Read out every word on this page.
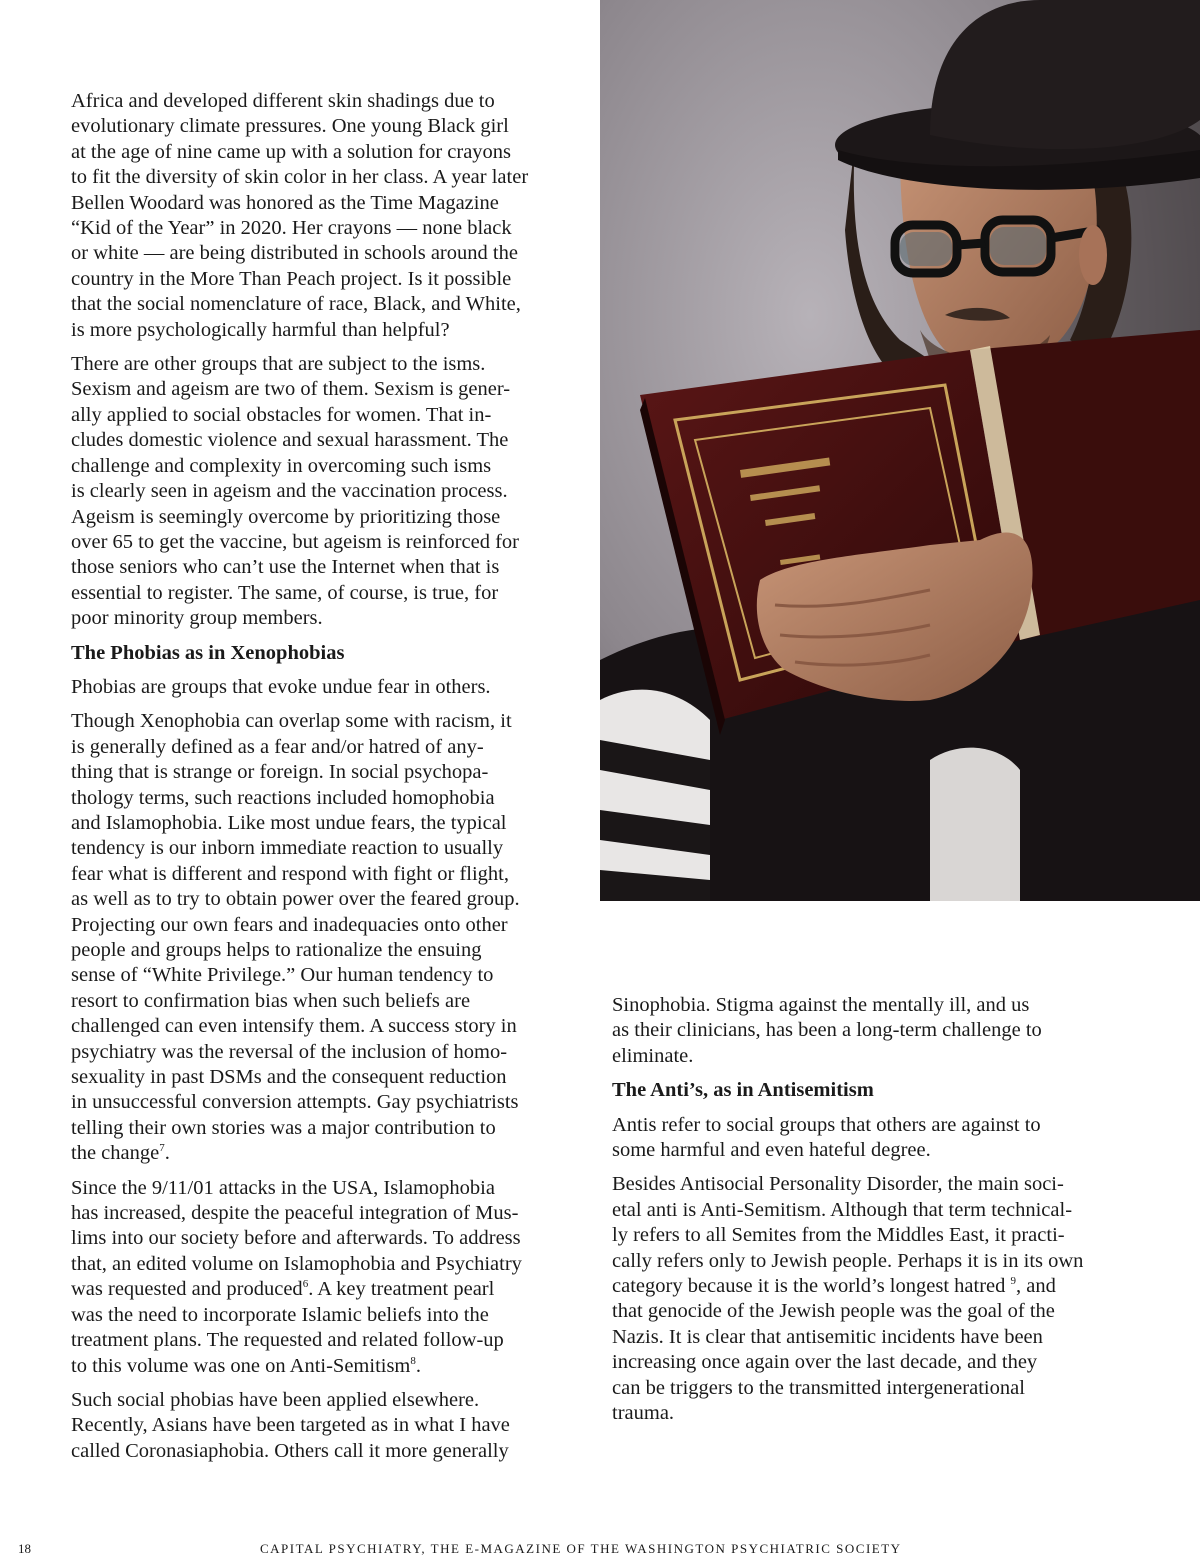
Africa and developed different skin shadings due to
evolutionary climate pressures. One young Black girl
at the age of nine came up with a solution for crayons
to fit the diversity of skin color in her class. A year later
Bellen Woodard was honored as the Time Magazine
“Kid of the Year” in 2020. Her crayons — none black
or white — are being distributed in schools around the
country in the More Than Peach project. Is it possible
that the social nomenclature of race, Black, and White,
is more psychologically harmful than helpful?

There are other groups that are subject to the isms.
Sexism and ageism are two of them. Sexism is gener-
ally applied to social obstacles for women. That in-
cludes domestic violence and sexual harassment. The
challenge and complexity in overcoming such isms
is clearly seen in ageism and the vaccination process.
Ageism is seemingly overcome by prioritizing those
over 65 to get the vaccine, but ageism is reinforced for
those seniors who can’t use the Internet when that is
essential to register. The same, of course, is true, for
poor minority group members.

The Phobias as in Xenophobias

Phobias are groups that evoke undue fear in others.

Though Xenophobia can overlap some with racism, it
is generally defined as a fear and/or hatred of any-
thing that is strange or foreign. In social psychopa-
thology terms, such reactions included homophobia
and Islamophobia. Like most undue fears, the typical
tendency is our inborn immediate reaction to usually
fear what is different and respond with fight or flight,
as well as to try to obtain power over the feared group.
Projecting our own fears and inadequacies onto other
people and groups helps to rationalize the ensuing
sense of “White Privilege.” Our human tendency to
resort to confirmation bias when such beliefs are
challenged can even intensify them. A success story in
psychiatry was the reversal of the inclusion of homo-
sexuality in past DSMs and the consequent reduction
in unsuccessful conversion attempts. Gay psychiatrists
telling their own stories was a major contribution to
the change$^7$.

Since the 9/11/01 attacks in the USA, Islamophobia
has increased, despite the peaceful integration of Mus-
lims into our society before and afterwards. To address
that, an edited volume on Islamophobia and Psychiatry
was requested and produced$^6$. A key treatment pearl
was the need to incorporate Islamic beliefs into the
treatment plans. The requested and related follow-up
to this volume was one on Anti-Semitism$^8$.

Such social phobias have been applied elsewhere.
Recently, Asians have been targeted as in what I have
called Coronasiaphobia. Others call it more generally

Sinophobia. Stigma against the mentally ill, and us
as their clinicians, has been a long-term challenge to
eliminate.

The Anti’s, as in Antisemitism

Antis refer to social groups that others are against to
some harmful and even hateful degree.

Besides Antisocial Personality Disorder, the main soci-
etal anti is Anti-Semitism. Although that term technical-
ly refers to all Semites from the Middles East, it practi-
cally refers only to Jewish people. Perhaps it is in its own
category because it is the world’s longest hatred $^9$, and
that genocide of the Jewish people was the goal of the
Nazis. It is clear that antisemitic incidents have been
increasing once again over the last decade, and they
can be triggers to the transmitted intergenerational
trauma.

18	CAPITAL PSYCHIATRY, THE E-MAGAZINE OF THE WASHINGTON PSYCHIATRIC SOCIETY
